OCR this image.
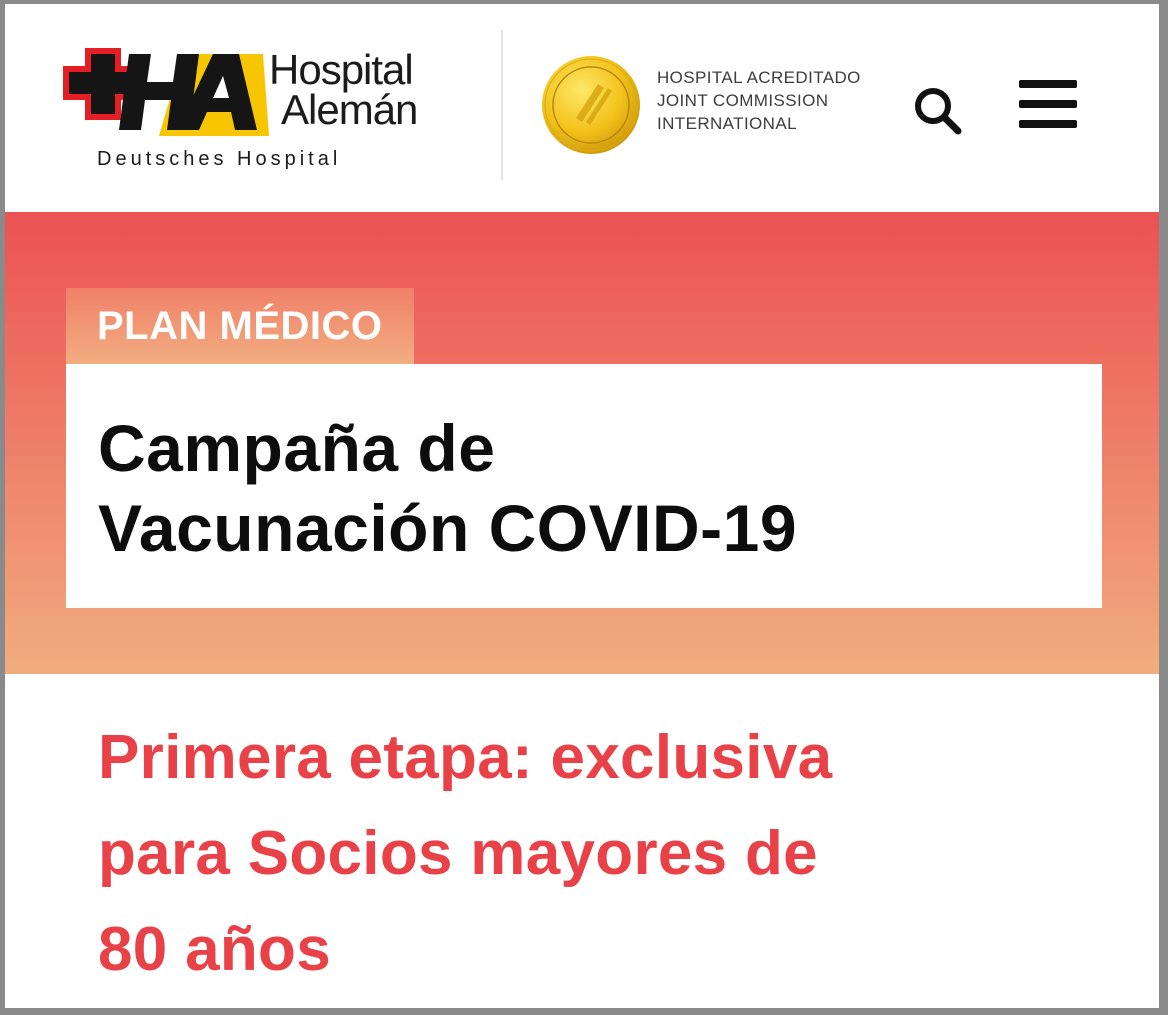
Hospital
Alemán
Deutsches Hospital
HOSPITAL ACREDITADO
JOINT COMMISSION
INTERNATIONAL
PLAN MÉDICO
Campaña de
Vacunación COVID-19
Primera etapa: exclusiva
para Socios mayores de
80 años
